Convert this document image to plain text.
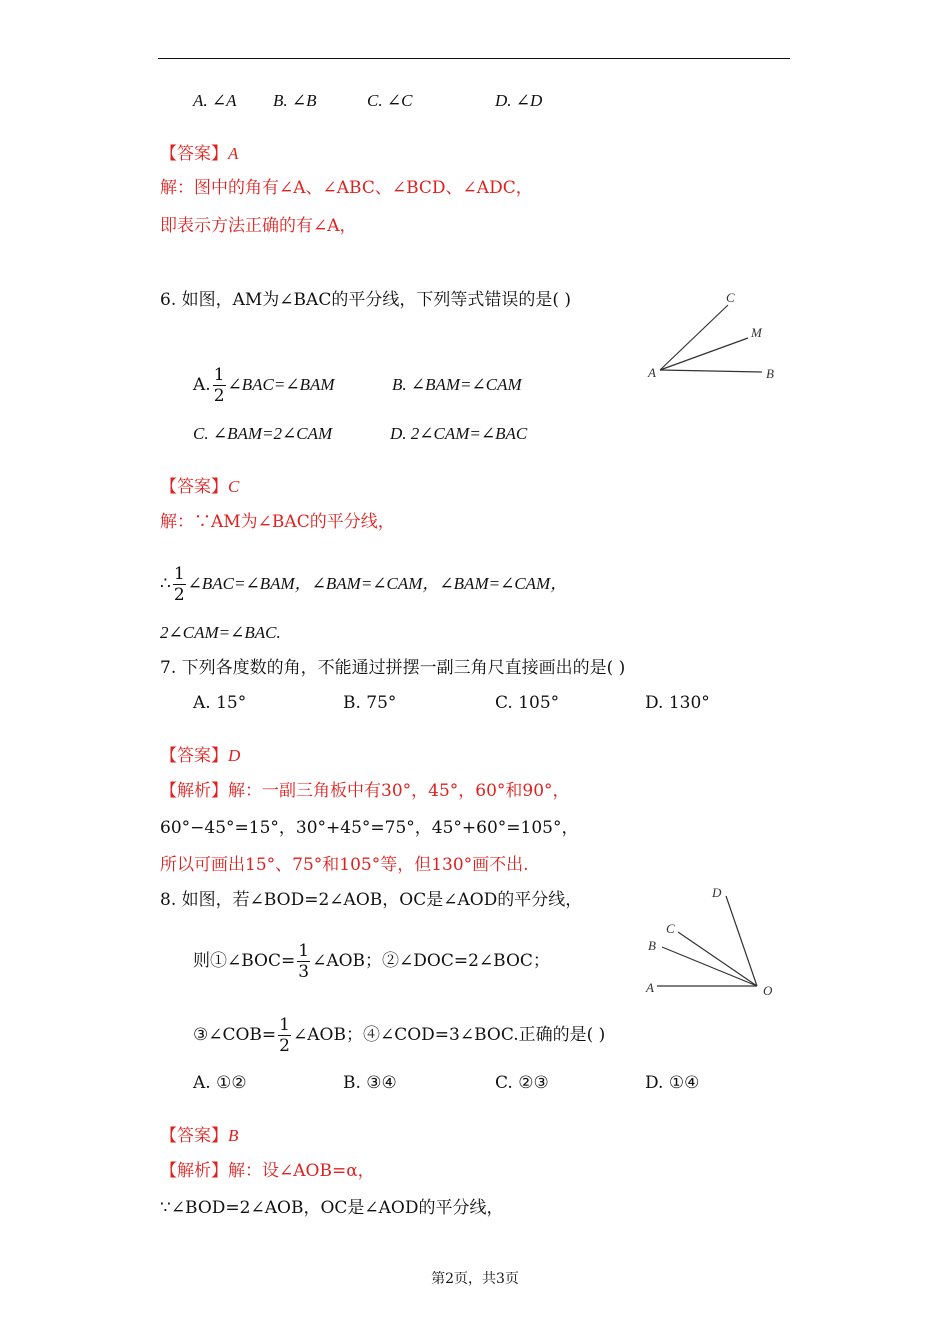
A. ∠A B. ∠B	C. ∠C	D. ∠D
【答案】A
解：图中的角有∠A、∠ABC、∠BCD、∠ADC，
即表示方法正确的有∠A，
6. 如图，AM为∠BAC的平分线，下列等式错误的是( )
A	B
C
M
A. $\frac{1}{2}$ ∠BAC=∠BAM	B. ∠BAM=∠CAM
C. ∠BAM=2∠CAM	D. 2∠CAM=∠BAC
【答案】C
解：∵AM为∠BAC的平分线，
∴ $\frac{1}{2}$ ∠BAC=∠BAM，∠BAM=∠CAM，∠BAM=∠CAM，
2∠CAM=∠BAC.
7. 下列各度数的角，不能通过拼摆一副三角尺直接画出的是( )
A. 15°	B. 75°	C. 105°	D. 130°
【答案】D
【解析】解：一副三角板中有30°，45°，60°和90°，
60°−45°=15°，30°+45°=75°，45°+60°=105°，
所以可画出15°、75°和105°等，但130°画不出.
8. 如图，若∠BOD=2∠AOB，OC是∠AOD的平分线，
A
B
C
D
O
则①∠BOC= $\frac{1}{3}$ ∠AOB；②∠DOC=2∠BOC；
③∠COB= $\frac{1}{2}$ ∠AOB；④∠COD=3∠BOC.正确的是( )
A. ①②	B. ③④	C. ②③	D. ①④
【答案】B
【解析】解：设∠AOB=α，
∵∠BOD=2∠AOB，OC是∠AOD的平分线，
第2页，共3页
